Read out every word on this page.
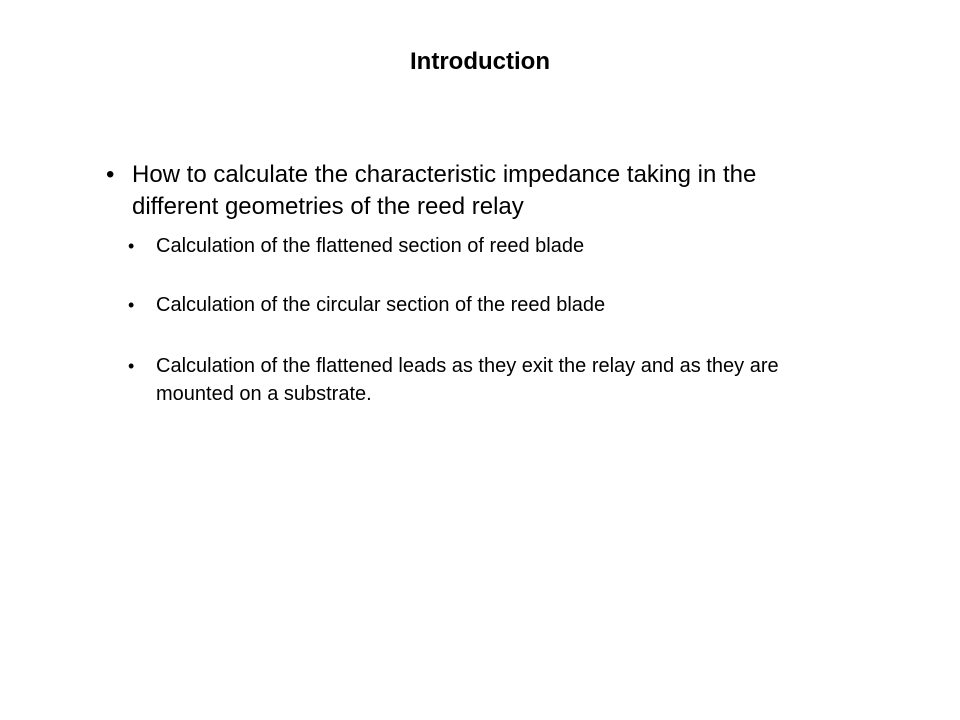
Introduction
• How to calculate the characteristic impedance taking in the different geometries of the reed relay
•	Calculation of the flattened section of reed blade
•	Calculation of the circular section of the reed blade
•	Calculation of the flattened leads as they exit the relay and as they are mounted on a substrate.
